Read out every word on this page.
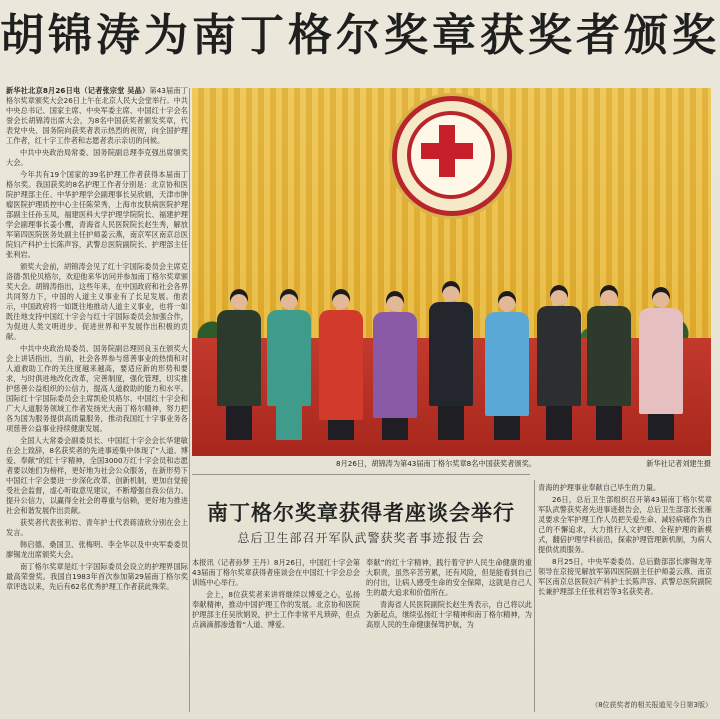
胡锦涛为南丁格尔奖章获奖者颁奖

新华社北京8月26日电（记者张宗堂 吴晶）第43届南丁格尔奖章颁奖大会26日上午在北京人民大会堂举行。中共中央总书记、国家主席、中央军委主席、中国红十字会名誉会长胡锦涛出席大会，为8名中国获奖者颁发奖章，代表党中央、国务院向获奖者表示热烈的祝贺，向全国护理工作者，红十字工作者和志愿者表示亲切的问候。

中共中央政治局常委、国务院副总理李克强出席颁奖大会。

今年共有19个国家的39名护理工作者获得本届南丁格尔奖。我国获奖的8名护理工作者分别是：北京协和医院护理部主任、中华护理学会副理事长吴欣娟，天津市肿瘤医院护理质控中心主任陈荣秀，上海市皮肤病医院护理部副主任孙玉凤，福建医科大学护理学院院长、福建护理学会副理事长姜小鹰，青海省人民医院院长赵生秀，解放军第四医院医务处副主任护师姜云燕，南京军区南京总医院妇产科护士长陈声容，武警总医院副院长、护理部主任张利岩。

颁奖大会前，胡锦涛会见了红十字国际委员会主席克洛德·凯伦贝格尔，欢迎他来华访问并参加南丁格尔奖章颁奖大会。胡锦涛指出，这些年来，在中国政府和社会各界共同努力下，中国的人道主义事业有了长足发展。他表示，中国政府将一如既往地推动人道主义事业，也将一如既往地支持中国红十字会与红十字国际委员会加强合作，为促进人类文明进步、促进世界和平发展作出积极的贡献。

中共中央政治局委员、国务院副总理回良玉在颁奖大会上讲话指出，当前，社会各界参与慈善事业的热情和对人道救助工作的关注度越来越高，要适应新的形势和要求，与时俱进地改化改革，完善制度，强化管理，切实推护慈善公益组织的公信力，提高人道救助的能力和水平。国际红十字国际委员会主席凯伦贝格尔、中国红十字会和广大人道服务领域工作者发扬光大南丁格尔精神，努力把各为国为服务提供高质量服务，推动我国红十字事业务各项慈善公益事业持续健康发展。

全国人大常委会副委员长、中国红十字会会长华建敏在会上致辞，8名获奖者的先进事迹集中体现了“人道、博爱、奉献”的红十字精神，全国3000万红十字会员和志愿者要以她们为榜样，更好地为社会公众服务，在新形势下中国红十字会要进一步深化改革、创新机制，更加自觉接受社会监督，虚心听取意见建议，不断增强自我公信力、提升公信力，以赢得全社会的尊重与信赖，更好地为推进社会和谐发展作出贡献。

获奖者代表张利岩、青年护士代表蒋清欣分别在会上发言。

韩启德、桑国卫、张梅明、李全华以及中央军委委员廖锡龙出席颁奖大会。

南丁格尔奖章是红十字国际委员会设立的护理界国际最高荣誉奖。我国自1983年首次参加第29届南丁格尔奖章评选以来，先后有62名优秀护理工作者获此殊荣。

8月26日，胡锦涛为第43届南丁格尔奖章8名中国获奖者颁奖。	新华社记者刘建生摄
南丁格尔奖章获得者座谈会举行
总后卫生部召开军队武警获奖者事迹报告会

本报讯（记者孙梦 王丹）8月26日，中国红十字会第43届南丁格尔奖章获得者座谈会在中国红十字会总会训练中心举行。

会上，8位获奖者来讲将继续以博爱之心，弘扬奉献精神，推动中国护理工作的发展。北京协和医院护理部主任吴欣娟说，护士工作非常平凡琐碎，但点点滴滴都渗透着“人道、博爱、

奉献”的红十字精神，践行着守护人民生命健康的重大职责，虽然辛苦劳累，还有风险，但是能看到自己的付出，让病人感受生命的安全保障，这就是自己人生的最大追求和价值所在。

青海省人民医院副院长赵生秀表示，自己将以此为新起点，继续弘扬红十字精神和南丁格尔精神，为高原人民的生命健康保驾护航，为

青海的护理事业奉献自己毕生的力量。

26日，总后卫生部组织召开第43届南丁格尔奖章军队武警获奖者先进事迹报告会，总后卫生部部长张雁灵要求全军护理工作人员把关爱生命、减轻病痛作为自己的不懈追求，大力推行人文护理、全程护理的新模式，翻倍护理学科前沿，探索护理管理新机制，为病人提供优质服务。

8月25日，中央军委委员、总后勤部部长廖锡龙等领导在京接见解放军第四医院副主任护师姜云燕、南京军区南京总医院妇产科护士长陈声容、武警总医院副院长兼护理部主任张利岩等3名获奖者。

（8位获奖者的相关报道见今日第3版）
